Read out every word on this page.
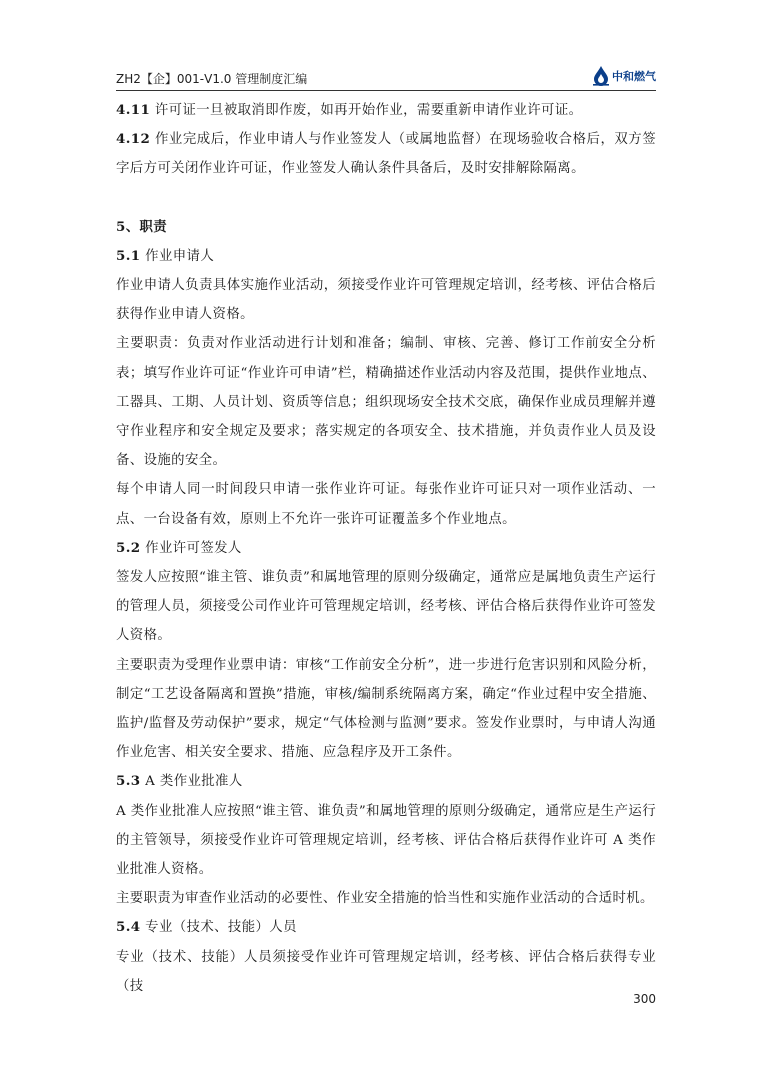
ZH2【企】001-V1.0 管理制度汇编	中和燃气

4.11 许可证一旦被取消即作废，如再开始作业，需要重新申请作业许可证。

4.12 作业完成后，作业申请人与作业签发人（或属地监督）在现场验收合格后，双方签字后方可关闭作业许可证，作业签发人确认条件具备后，及时安排解除隔离。

5、职责

5.1 作业申请人

作业申请人负责具体实施作业活动，须接受作业许可管理规定培训，经考核、评估合格后获得作业申请人资格。

主要职责：负责对作业活动进行计划和准备；编制、审核、完善、修订工作前安全分析表；填写作业许可证“作业许可申请”栏，精确描述作业活动内容及范围，提供作业地点、工器具、工期、人员计划、资质等信息；组织现场安全技术交底，确保作业成员理解并遵守作业程序和安全规定及要求；落实规定的各项安全、技术措施，并负责作业人员及设备、设施的安全。

每个申请人同一时间段只申请一张作业许可证。每张作业许可证只对一项作业活动、一点、一台设备有效，原则上不允许一张许可证覆盖多个作业地点。

5.2 作业许可签发人

签发人应按照“谁主管、谁负责”和属地管理的原则分级确定，通常应是属地负责生产运行的管理人员，须接受公司作业许可管理规定培训，经考核、评估合格后获得作业许可签发人资格。

主要职责为受理作业票申请：审核“工作前安全分析”，进一步进行危害识别和风险分析，制定“工艺设备隔离和置换”措施，审核/编制系统隔离方案，确定“作业过程中安全措施、监护/监督及劳动保护”要求，规定“气体检测与监测”要求。签发作业票时，与申请人沟通作业危害、相关安全要求、措施、应急程序及开工条件。

5.3 A 类作业批准人

A 类作业批准人应按照“谁主管、谁负责”和属地管理的原则分级确定，通常应是生产运行的主管领导，须接受作业许可管理规定培训，经考核、评估合格后获得作业许可 A 类作业批准人资格。

主要职责为审查作业活动的必要性、作业安全措施的恰当性和实施作业活动的合适时机。

5.4 专业（技术、技能）人员

专业（技术、技能）人员须接受作业许可管理规定培训，经考核、评估合格后获得专业（技

300
